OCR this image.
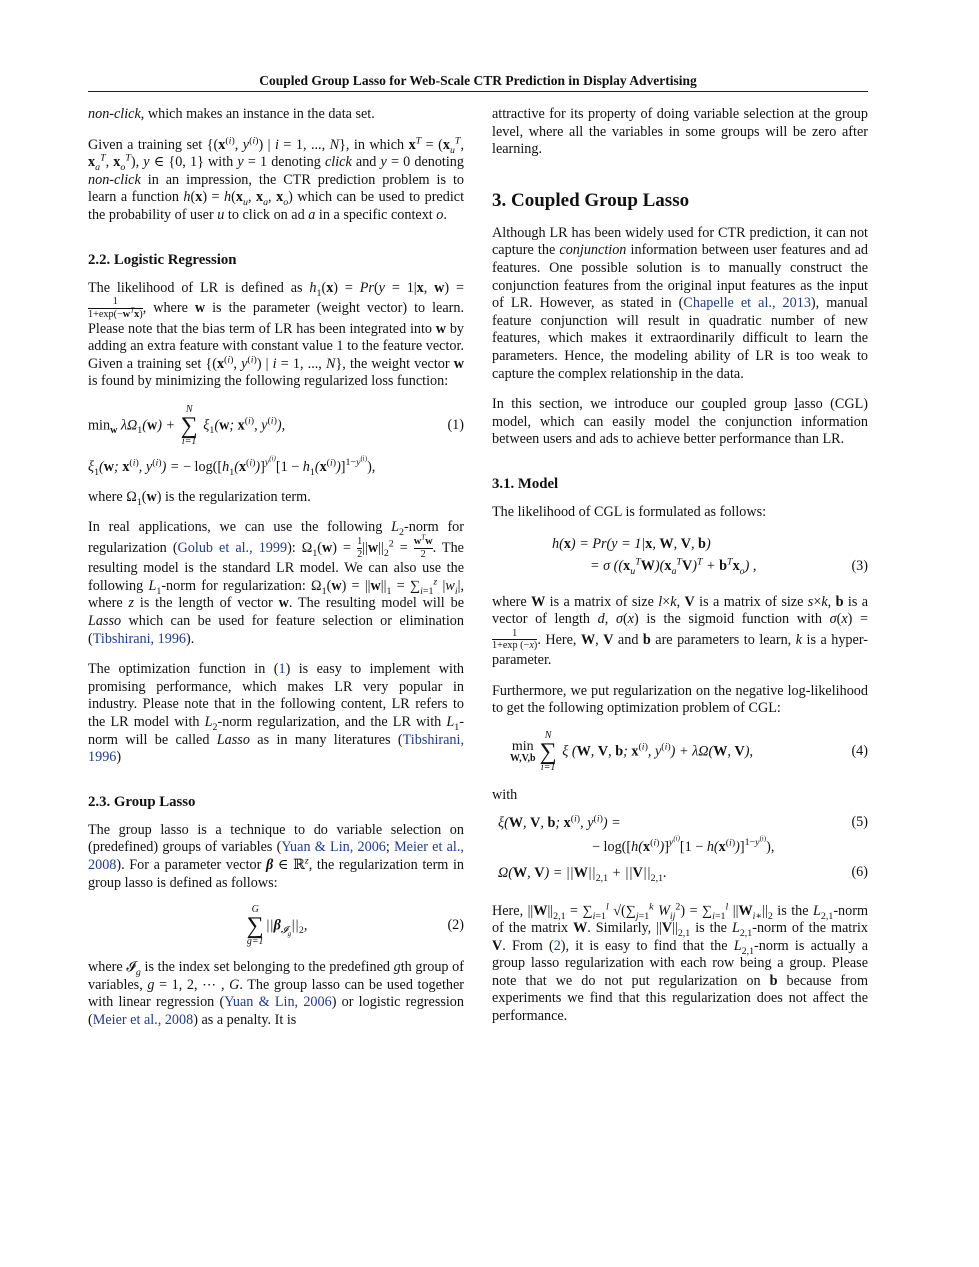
Coupled Group Lasso for Web-Scale CTR Prediction in Display Advertising

non-click, which makes an instance in the data set.

Given a training set {($x^{(i)}$, $y^{(i)}$) | i = 1, ..., N}, in which $x^T = (x_u^T$, $x_a^T$, $x_o^T$), y ∈ {0, 1} with y = 1 denoting click and y = 0 denoting non-click in an impression, the CTR prediction problem is to learn a function $h(x) = h(x_u$, $x_a$, $x_o$) which can be used to predict the probability of user u to click on ad a in a specific context o.

2.2. Logistic Regression

The likelihood of LR is defined as $h_1(x) = Pr(y = 1|x$, w) =
$\frac{1}{1+\exp(-w^Tx)}$ , where w is the parameter (weight vector) to learn. Please note that the bias term of LR has been integrated into w by adding an extra feature with constant value 1 to the feature vector. Given a training set {($x^{(i)}$, $y^{(i)}$) | i = 1, ..., N}, the weight vector w is found by minimizing the following regularized loss function:

$\min_w \lambda\Omega_1(w)$ +
N
∑
i=1
$\xi_1(w$; $x^{(i)}$, $y^{(i)}$),	(1)
$\xi_1(w$; $x^{(i)}$, $y^{(i)}$) = − $\log([h_1(x^{(i)})]^{y^{(i)}}[1 - h_1(x^{(i)})]^{1-y^{(i)}})$,

where $\Omega_1(w)$ is the regularization term.

In real applications, we can use the following $L_2$-norm for regularization (Golub et al., 1999): $\Omega_1(w) = \frac{1}{2} ||w||_2^2 = \frac{w^Tw}{2}$ . The resulting model is the standard LR model. We can also use the following $L_1$-norm for regularization: $\Omega_1(w) = ||w||_1 = \sum_{i=1}^z$ $|w_i|$, where z is the length of vector w. The resulting model will be Lasso which can be used for feature selection or elimination (Tibshirani, 1996).

The optimization function in (1) is easy to implement with promising performance, which makes LR very popular in industry. Please note that in the following content, LR refers to the LR model with $L_2$-norm regularization, and the LR with $L_1$-norm will be called Lasso as in many literatures (Tibshirani, 1996)

2.3. Group Lasso

The group lasso is a technique to do variable selection on (predefined) groups of variables (Yuan & Lin, 2006; Meier et al., 2008). For a parameter vector β ∈ ℝ$^z$, the regularization term in group lasso is defined as follows:

G
∑
g=1
$||\beta_{𝓘_g}||_2$,	(2)

where 𝓘$_g$ is the index set belonging to the predefined gth group of variables, g = 1, 2, ⋯ , G. The group lasso can be used together with linear regression (Yuan & Lin, 2006) or logistic regression (Meier et al., 2008) as a penalty. It is

attractive for its property of doing variable selection at the group level, where all the variables in some groups will be zero after learning.

3. Coupled Group Lasso

Although LR has been widely used for CTR prediction, it can not capture the conjunction information between user features and ad features. One possible solution is to manually construct the conjunction features from the original input features as the input of LR. However, as stated in (Chapelle et al., 2013), manual feature conjunction will result in quadratic number of new features, which makes it extraordinarily difficult to learn the parameters. Hence, the modeling ability of LR is too weak to capture the complex relationship in the data.

In this section, we introduce our coupled group lasso (CGL) model, which can easily model the conjunction information between users and ads to achieve better performance than LR.

3.1. Model

The likelihood of CGL is formulated as follows:

h(x) = Pr(y = 1|x, W, V, b)
= σ $((x_u^TW)(x_a^TV)^T + b^Tx_o)$ ,	(3)

where W is a matrix of size l×k, V is a matrix of size s×k, b is a vector of length d, σ(x) is the sigmoid function with σ(x) =
$\frac{1}{1+\exp (-x)}$ . Here, W, V and b are parameters to learn, k is a hyper-parameter.

Furthermore, we put regularization on the negative log-likelihood to get the following optimization problem of CGL:

min
W,V,b
N
∑
i=1
ξ (W, V, b; $x^{(i)}$, $y^{(i)}) + \lambda\Omega(W$, V),	(4)

with

ξ(W, V, b; $x^{(i)}$, $y^{(i)}$) =	(5)
− $\log([h(x^{(i)})]^{y^{(i)}}[1 - h(x^{(i)})]^{1-y^{(i)}})$,
Ω(W, $V) = ||W||_{2,1} + ||V||_{2,1}$.	(6)

Here, $||W||_{2,1} = \sum_{i=1}^l$ $√(\sum_{j=1}^k$ $W_{ij}^2) = \sum_{i=1}^l$ $||W_{i∗}||_2$ is the $L_{2,1}$-norm of the matrix W. Similarly, $||V||_{2,1}$ is the $L_{2,1}$-norm of the matrix V. From (2), it is easy to find that the $L_{2,1}$-norm is actually a group lasso regularization with each row being a group. Please note that we do not put regularization on b because from experiments we find that this regularization does not affect the performance.
